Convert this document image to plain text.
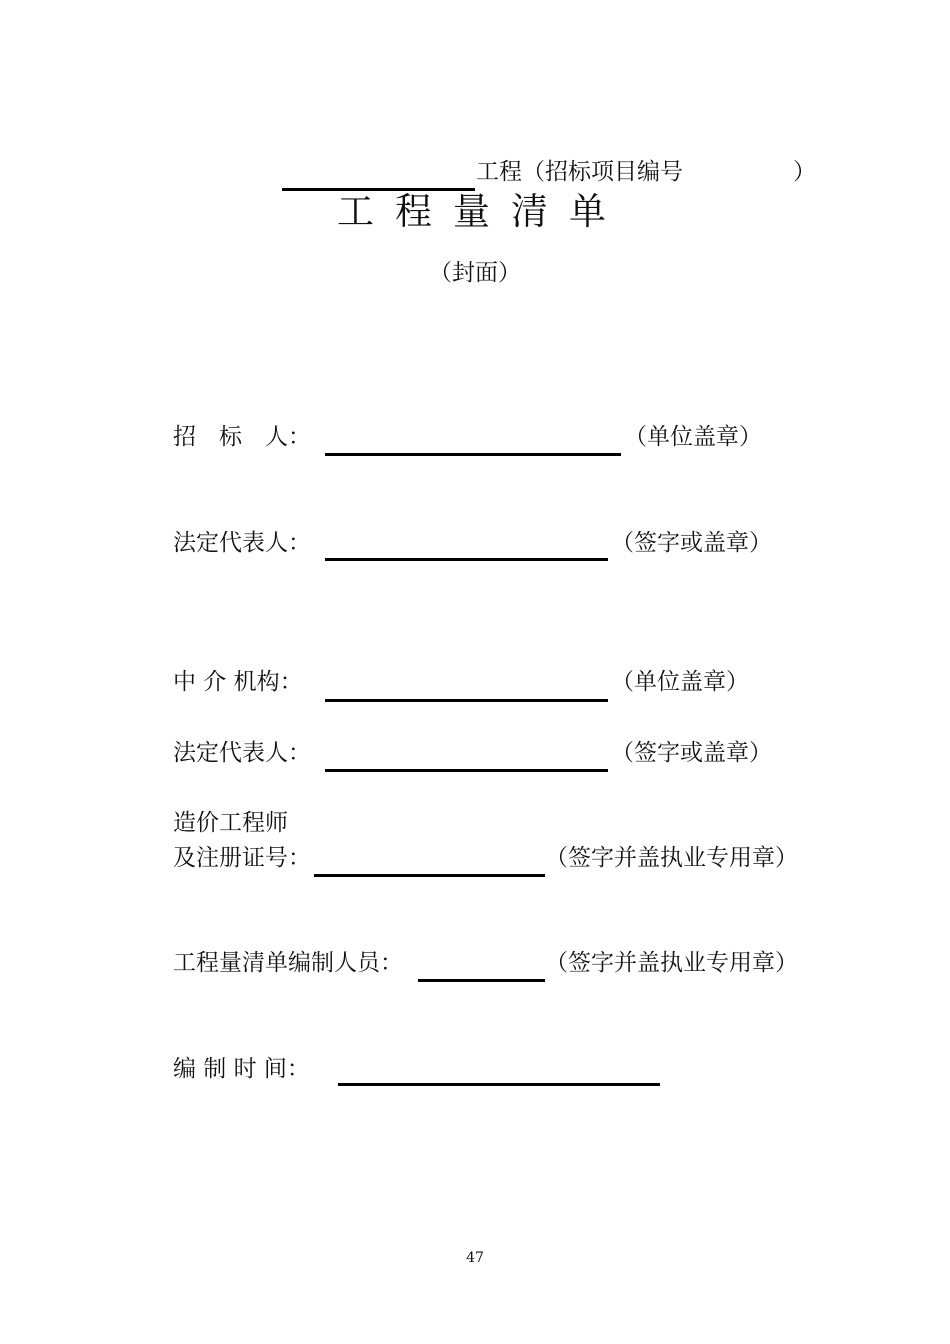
工程（招标项目编号	）
工程量清单
（封面）
招　标　人：	（单位盖章）
法定代表人：	（签字或盖章）
中 介 机构：	（单位盖章）
法定代表人：	（签字或盖章）
造价工程师
及注册证号：	（签字并盖执业专用章）
工程量清单编制人员：	（签字并盖执业专用章）
编 制 时 间：
47
